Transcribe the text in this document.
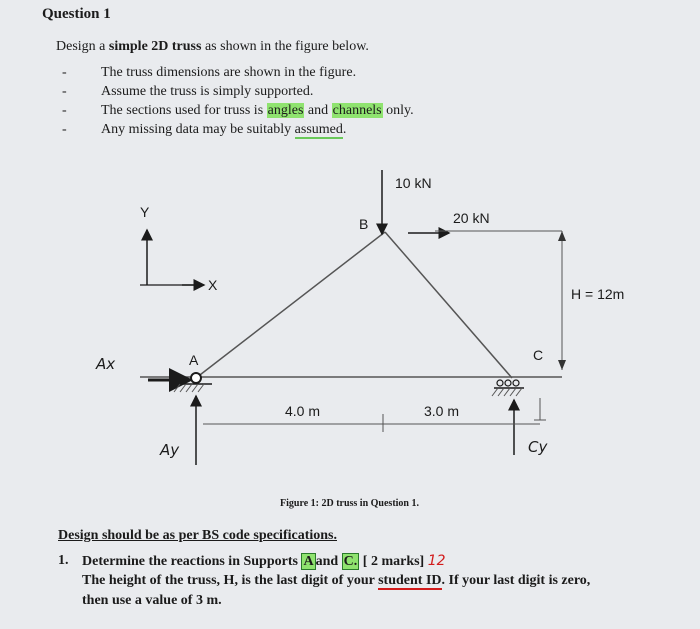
Question 1
Design a simple 2D truss as shown in the figure below.
-
-
-
-
The truss dimensions are shown in the figure.
Assume the truss is simply supported.
The sections used for truss is angles and channels only.
Any missing data may be suitably assumed.
10 kN
20 kN
B
A	C
Y
X
Ax
Ay	Cy
4.0 m	3.0 m
H = 12m
Figure 1: 2D truss in Question 1.
Design should be as per BS code specifications.
1. Determine the reactions in Supports A and C. [ 2 marks] 12
The height of the truss, H, is the last digit of your student ID. If your last digit is zero,
then use a value of 3 m.
